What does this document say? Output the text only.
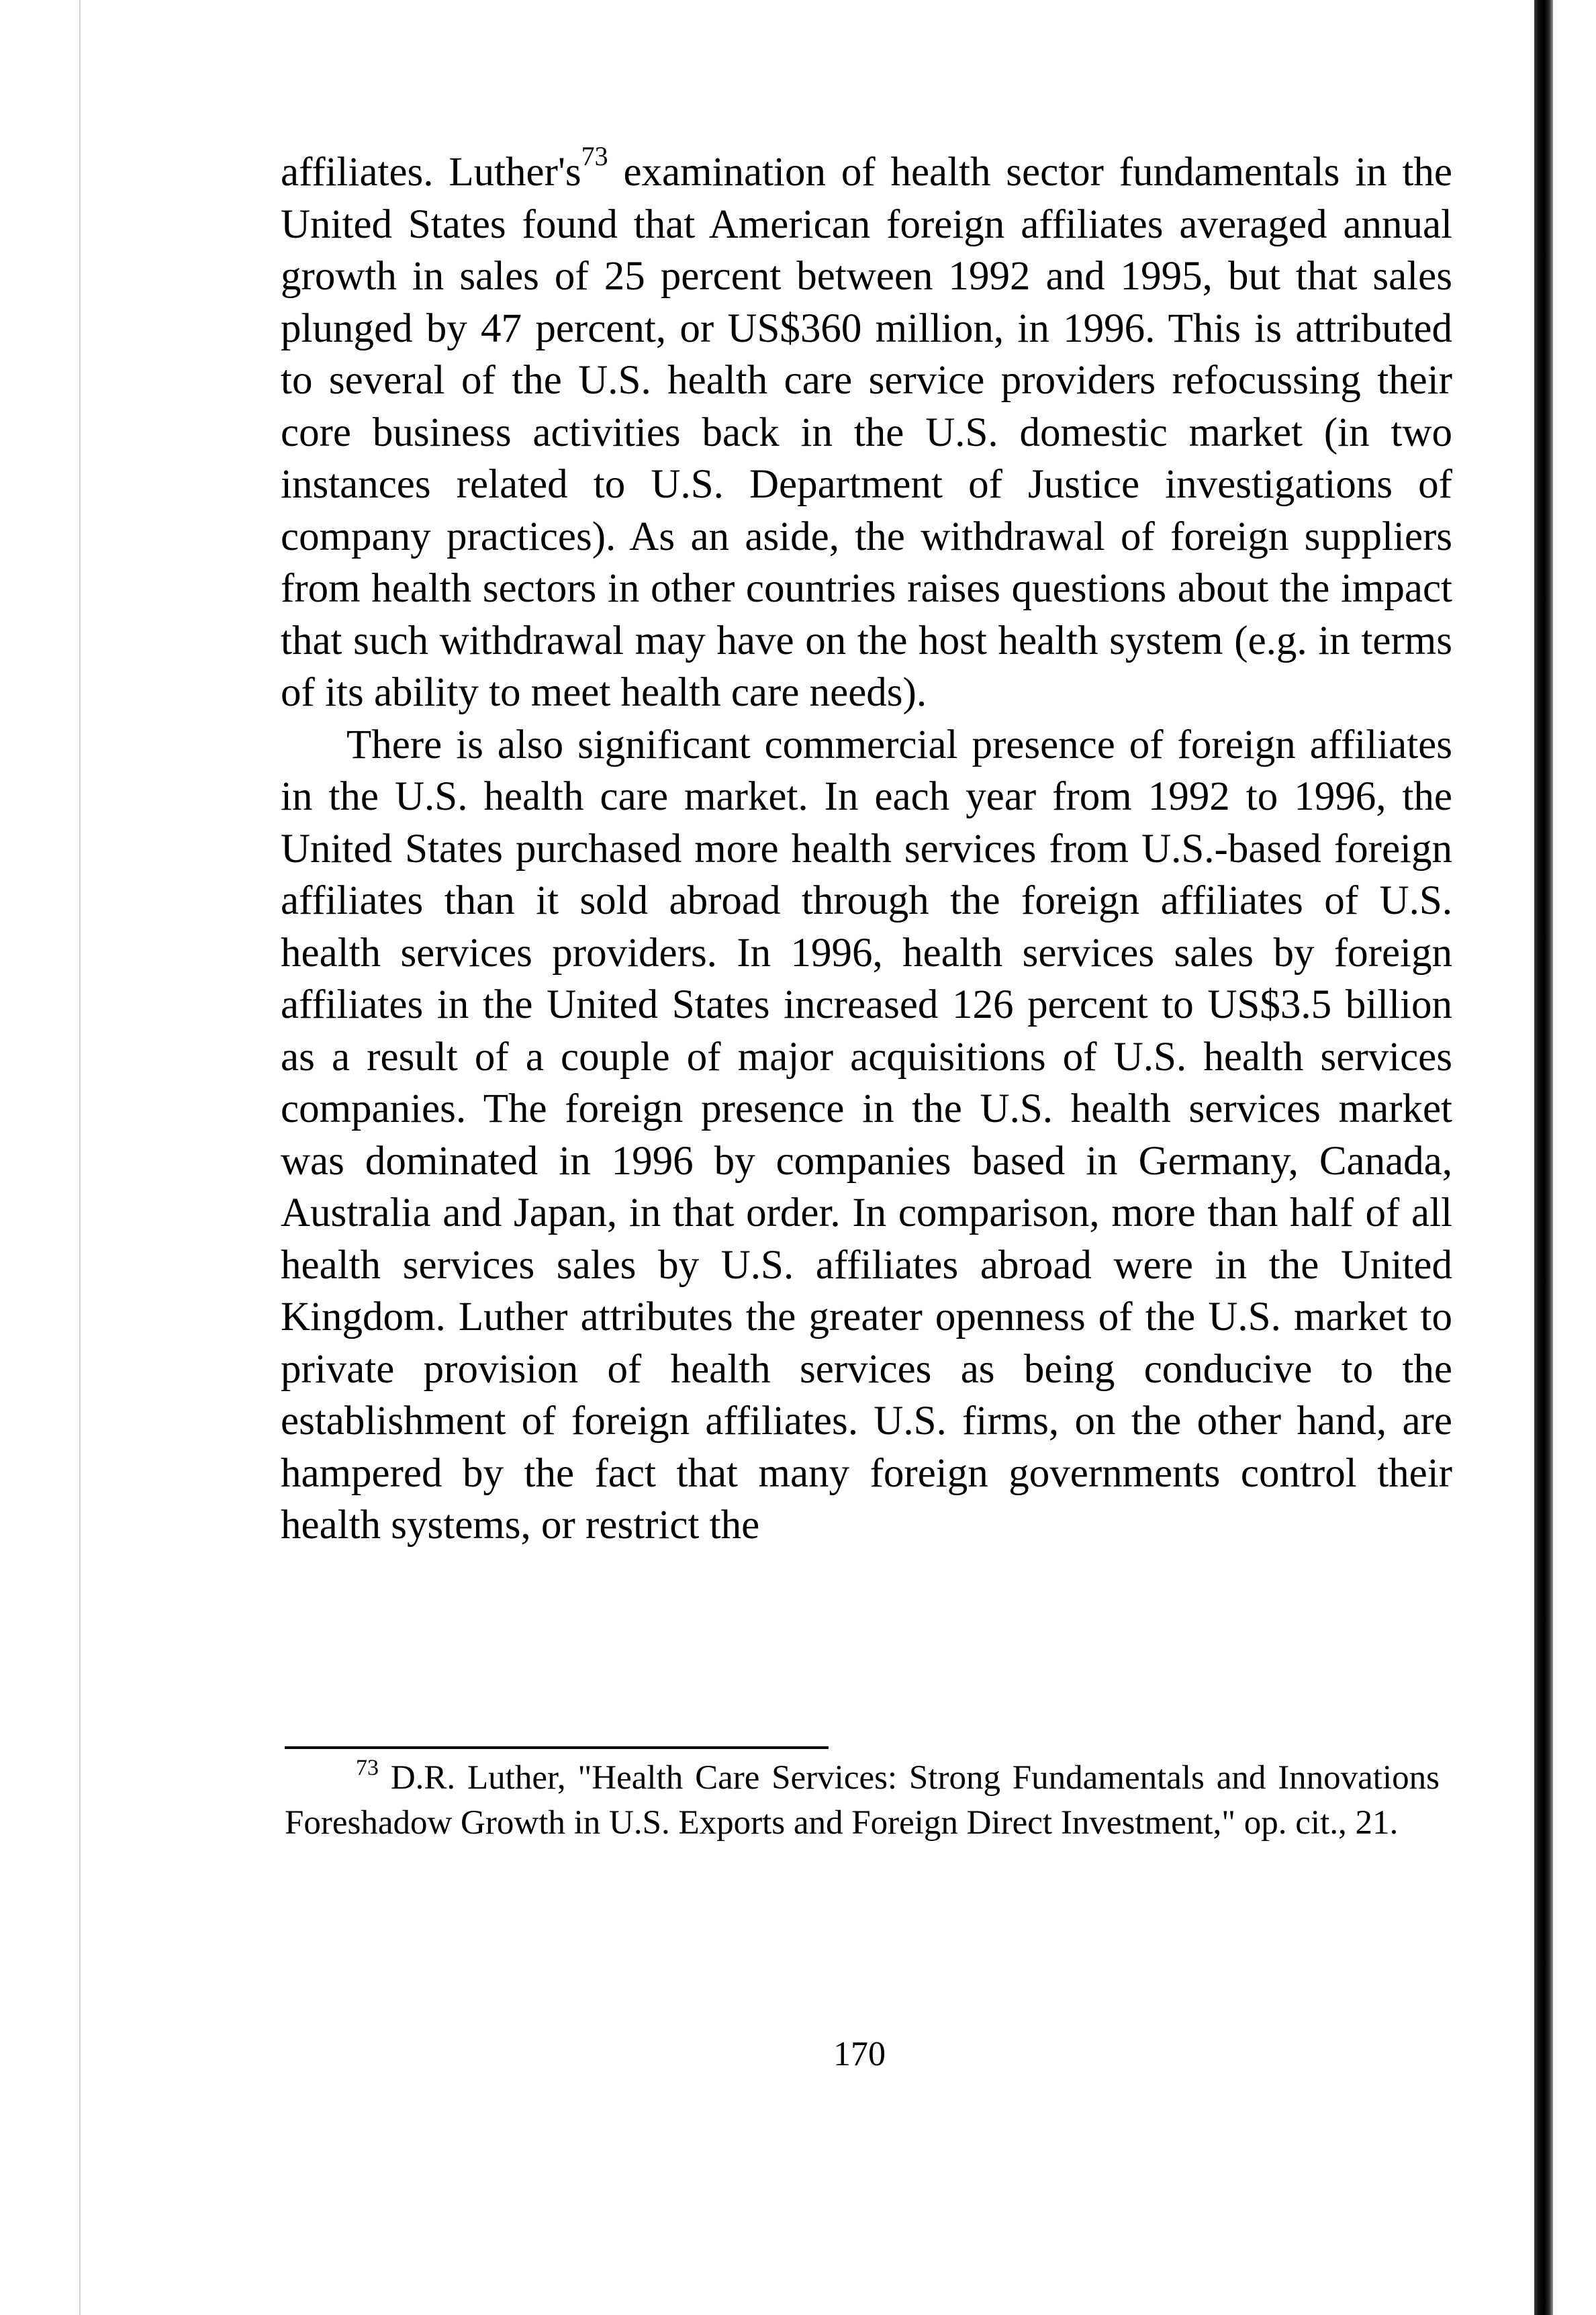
affiliates. $Luther's^{73}$ examination of health sector fundamentals in the United States found that American foreign affiliates averaged annual growth in sales of 25 percent between 1992 and 1995, but that sales plunged by 47 percent, or US$360 million, in 1996. This is attributed to several of the U.S. health care service providers refocussing their core business activities back in the U.S. domestic market (in two instances related to U.S. Department of Justice investigations of company practices). As an aside, the withdrawal of foreign suppliers from health sectors in other countries raises questions about the impact that such withdrawal may have on the host health system (e.g. in terms of its ability to meet health care needs).

There is also significant commercial presence of foreign affiliates in the U.S. health care market. In each year from 1992 to 1996, the United States purchased more health services from U.S.-based foreign affiliates than it sold abroad through the foreign affiliates of U.S. health services providers. In 1996, health services sales by foreign affiliates in the United States increased 126 percent to US$3.5 billion as a result of a couple of major acquisitions of U.S. health services companies. The foreign presence in the U.S. health services market was dominated in 1996 by companies based in Germany, Canada, Australia and Japan, in that order. In comparison, more than half of all health services sales by U.S. affiliates abroad were in the United Kingdom. Luther attributes the greater openness of the U.S. market to private provision of health services as being conducive to the establishment of foreign affiliates. U.S. firms, on the other hand, are hampered by the fact that many foreign governments control their health systems, or restrict the

$^{73}$ D.R. Luther, "Health Care Services: Strong Fundamentals and Innovations Foreshadow Growth in U.S. Exports and Foreign Direct Investment," op. cit., 21.
170
